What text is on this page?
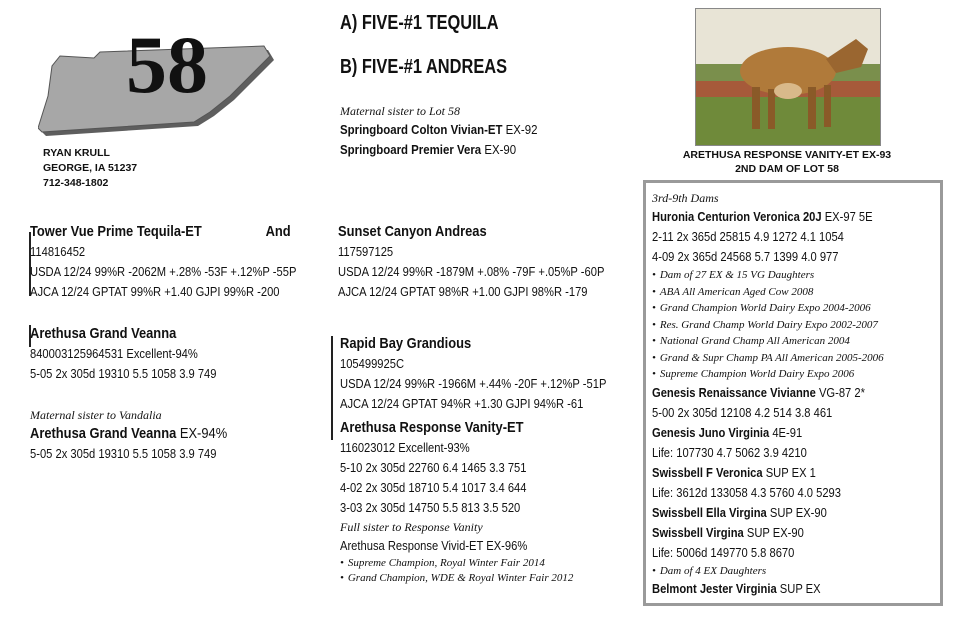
58
RYAN KRULL
GEORGE, IA 51237
712-348-1802
A) FIVE-#1 TEQUILA
B) FIVE-#1 ANDREAS
Maternal sister to Lot 58
Springboard Colton Vivian-ET EX-92
Springboard Premier Vera EX-90	ARETHUSA RESPONSE VANITY-ET EX-93
2ND DAM OF LOT 58
Tower Vue Prime Tequila-ET	And
114816452
USDA 12/24 99%R -2062M +.28% -53F +.12%P -55P
AJCA 12/24 GPTAT 99%R +1.40 GJPI 99%R -200
Sunset Canyon Andreas
117597125
USDA 12/24 99%R -1879M +.08% -79F +.05%P -60P
AJCA 12/24 GPTAT 98%R +1.00 GJPI 98%R -179
Arethusa Grand Veanna
840003125964531 Excellent-94%
5-05 2x 305d 19310 5.5 1058 3.9 749
Maternal sister to Vandalia
Arethusa Grand Veanna EX-94%
5-05 2x 305d 19310 5.5 1058 3.9 749
Rapid Bay Grandious
105499925C
USDA 12/24 99%R -1966M +.44% -20F +.12%P -51P
AJCA 12/24 GPTAT 94%R +1.30 GJPI 94%R -61
Arethusa Response Vanity-ET
116023012 Excellent-93%
5-10 2x 305d 22760 6.4 1465 3.3 751
4-02 2x 305d 18710 5.4 1017 3.4 644
3-03 2x 305d 14750 5.5 813 3.5 520
Full sister to Response Vanity
Arethusa Response Vivid-ET EX-96%
• Supreme Champion, Royal Winter Fair 2014
• Grand Champion, WDE & Royal Winter Fair 2012
3rd-9th Dams
Huronia Centurion Veronica 20J EX-97 5E
2-11 2x 365d 25815 4.9 1272 4.1 1054
4-09 2x 365d 24568 5.7 1399 4.0 977
• Dam of 27 EX & 15 VG Daughters
• ABA All American Aged Cow 2008
• Grand Champion World Dairy Expo 2004-2006
• Res. Grand Champ World Dairy Expo 2002-2007
• National Grand Champ All American 2004
• Grand & Supr Champ PA All American 2005-2006
• Supreme Champion World Dairy Expo 2006
Genesis Renaissance Vivianne VG-87 2*
5-00 2x 305d 12108 4.2 514 3.8 461
Genesis Juno Virginia 4E-91
Life: 107730 4.7 5062 3.9 4210
Swissbell F Veronica SUP EX 1
Life: 3612d 133058 4.3 5760 4.0 5293
Swissbell Ella Virgina SUP EX-90
Swissbell Virgina SUP EX-90
Life: 5006d 149770 5.8 8670
• Dam of 4 EX Daughters
Belmont Jester Virginia SUP EX
